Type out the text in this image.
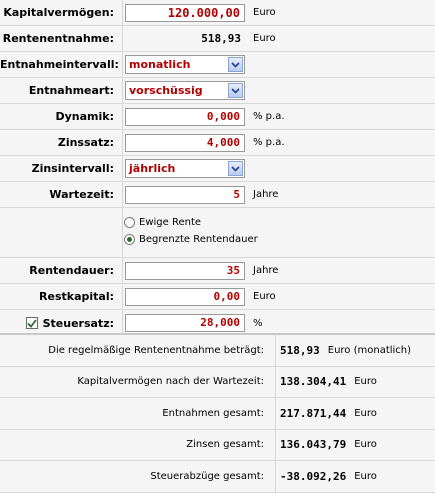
Kapitalvermögen:	120.000,00	Euro
Rentenentnahme:	518,93	Euro
Entnahmeintervall: monatlich
Entnahmeart:	vorschüssig
Dynamik:	0,000	% p.a.
Zinssatz:	4,000	% p.a.
Zinsintervall:	jährlich
Wartezeit:	5	Jahre
Ewige Rente
Begrenzte Rentendauer
Rentendauer:	35	Jahre
Restkapital:	0,00	Euro
Steuersatz:	28,000	%
Die regelmäßige Rentenentnahme beträgt:	518,93 Euro (monatlich)
Kapitalvermögen nach der Wartezeit:	138.304,41 Euro
Entnahmen gesamt:	217.871,44 Euro
Zinsen gesamt:	136.043,79 Euro
Steuerabzüge gesamt:	-38.092,26 Euro
